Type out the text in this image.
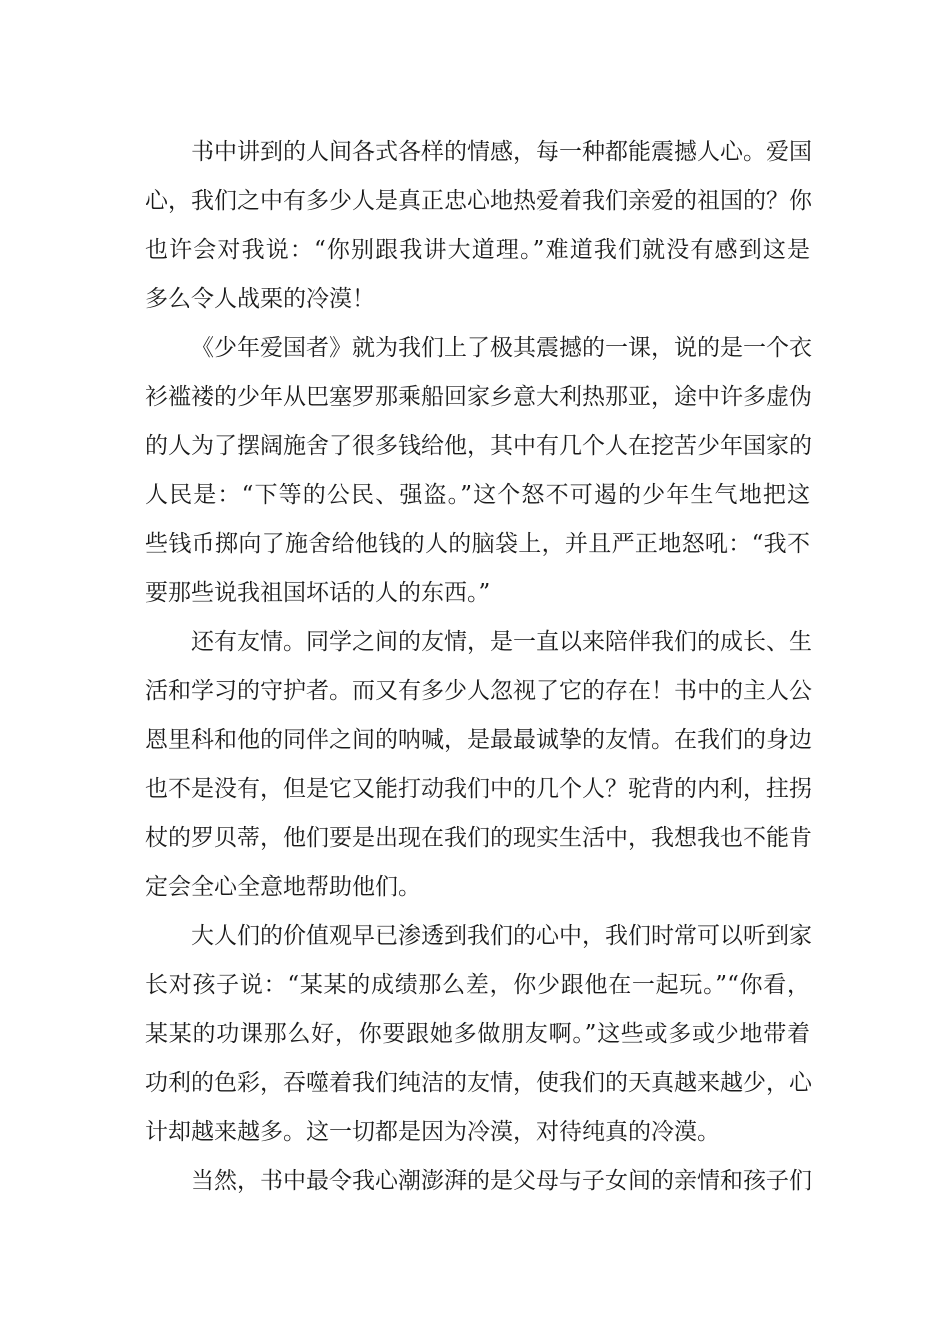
书中讲到的人间各式各样的情感，每一种都能震撼人心。爱国
心，我们之中有多少人是真正忠心地热爱着我们亲爱的祖国的？你
也许会对我说：“你别跟我讲大道理。”难道我们就没有感到这是
多么令人战栗的冷漠！
《少年爱国者》就为我们上了极其震撼的一课，说的是一个衣
衫褴褛的少年从巴塞罗那乘船回家乡意大利热那亚，途中许多虚伪
的人为了摆阔施舍了很多钱给他，其中有几个人在挖苦少年国家的
人民是：“下等的公民、强盗。”这个怒不可遏的少年生气地把这
些钱币掷向了施舍给他钱的人的脑袋上，并且严正地怒吼：“我不
要那些说我祖国坏话的人的东西。”
还有友情。同学之间的友情，是一直以来陪伴我们的成长、生
活和学习的守护者。而又有多少人忽视了它的存在！书中的主人公
恩里科和他的同伴之间的呐喊，是最最诚挚的友情。在我们的身边
也不是没有，但是它又能打动我们中的几个人？驼背的内利，拄拐
杖的罗贝蒂，他们要是出现在我们的现实生活中，我想我也不能肯
定会全心全意地帮助他们。
大人们的价值观早已渗透到我们的心中，我们时常可以听到家
长对孩子说：“某某的成绩那么差，你少跟他在一起玩。”“你看，
某某的功课那么好，你要跟她多做朋友啊。”这些或多或少地带着
功利的色彩，吞噬着我们纯洁的友情，使我们的天真越来越少，心
计却越来越多。这一切都是因为冷漠，对待纯真的冷漠。
当然，书中最令我心潮澎湃的是父母与子女间的亲情和孩子们
